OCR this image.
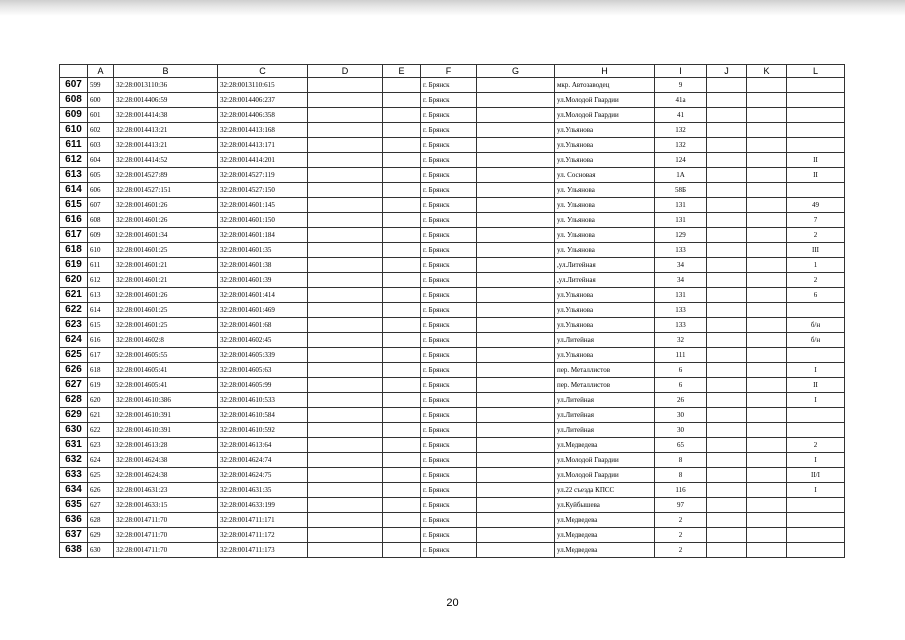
	A	B	C	D	E	F	G	H	I	J	K	L
607	599	32:28:0013110:36	32:28:0013110:615			г. Брянск		мкр. Автозаводец	9			
608	600	32:28:0014406:59	32:28:0014406:237			г. Брянск		ул.Молодой Гвардии	41а			
609	601	32:28:0014414:38	32:28:0014406:358			г. Брянск		ул.Молодой Гвардии	41			
610	602	32:28:0014413:21	32:28:0014413:168			г. Брянск		ул.Ульянова	132			
611	603	32:28:0014413:21	32:28:0014413:171			г. Брянск		ул.Ульянова	132			
612	604	32:28:0014414:52	32:28:0014414:201			г. Брянск		ул.Ульянова	124			II
613	605	32:28:0014527:89	32:28:0014527:119			г. Брянск		ул. Сосновая	1А			II
614	606	32:28:0014527:151	32:28:0014527:150			г. Брянск		ул. Ульянова	58Б			
615	607	32:28:0014601:26	32:28:0014601:145			г. Брянск		ул. Ульянова	131			49
616	608	32:28:0014601:26	32:28:0014601:150			г. Брянск		ул. Ульянова	131			7
617	609	32:28:0014601:34	32:28:0014601:184			г. Брянск		ул. Ульянова	129			2
618	610	32:28:0014601:25	32:28:0014601:35			г. Брянск		ул. Ульянова	133			III
619	611	32:28:0014601:21	32:28:0014601:38			г. Брянск		,ул.Литейная	34			1
620	612	32:28:0014601:21	32:28:0014601:39			г. Брянск		,ул.Литейная	34			2
621	613	32:28:0014601:26	32:28:0014601:414			г. Брянск		ул.Ульянова	131			6
622	614	32:28:0014601:25	32:28:0014601:469			г. Брянск		ул.Ульянова	133			
623	615	32:28:0014601:25	32:28:0014601:68			г. Брянск		ул.Ульянова	133			б/н
624	616	32:28:0014602:8	32:28:0014602:45			г. Брянск		ул.Литейная	32			б/н
625	617	32:28:0014605:55	32:28:0014605:339			г. Брянск		ул.Ульянова	111			
626	618	32:28:0014605:41	32:28:0014605:63			г. Брянск		пер. Металлистов	6			I
627	619	32:28:0014605:41	32:28:0014605:99			г. Брянск		пер. Металлистов	6			II
628	620	32:28:0014610:386	32:28:0014610:533			г. Брянск		ул.Литейная	26			I
629	621	32:28:0014610:391	32:28:0014610:584			г. Брянск		ул.Литейная	30			
630	622	32:28:0014610:391	32:28:0014610:592			г. Брянск		ул.Литейная	30			
631	623	32:28:0014613:28	32:28:0014613:64			г. Брянск		ул.Медведева	65			2
632	624	32:28:0014624:38	32:28:0014624:74			г. Брянск		ул.Молодой Гвардии	8			I
633	625	32:28:0014624:38	32:28:0014624:75			г. Брянск		ул.Молодой Гвардии	8			II/I
634	626	32:28:0014631:23	32:28:0014631:35			г. Брянск		ул.22 съезда КПСС	116			I
635	627	32:28:0014633:15	32:28:0014633:199			г. Брянск		ул.Куйбышева	97			
636	628	32:28:0014711:70	32:28:0014711:171			г. Брянск		ул.Медведева	2			
637	629	32:28:0014711:70	32:28:0014711:172			г. Брянск		ул.Медведева	2			
638	630	32:28:0014711:70	32:28:0014711:173			г. Брянск		ул.Медведева	2			
20
